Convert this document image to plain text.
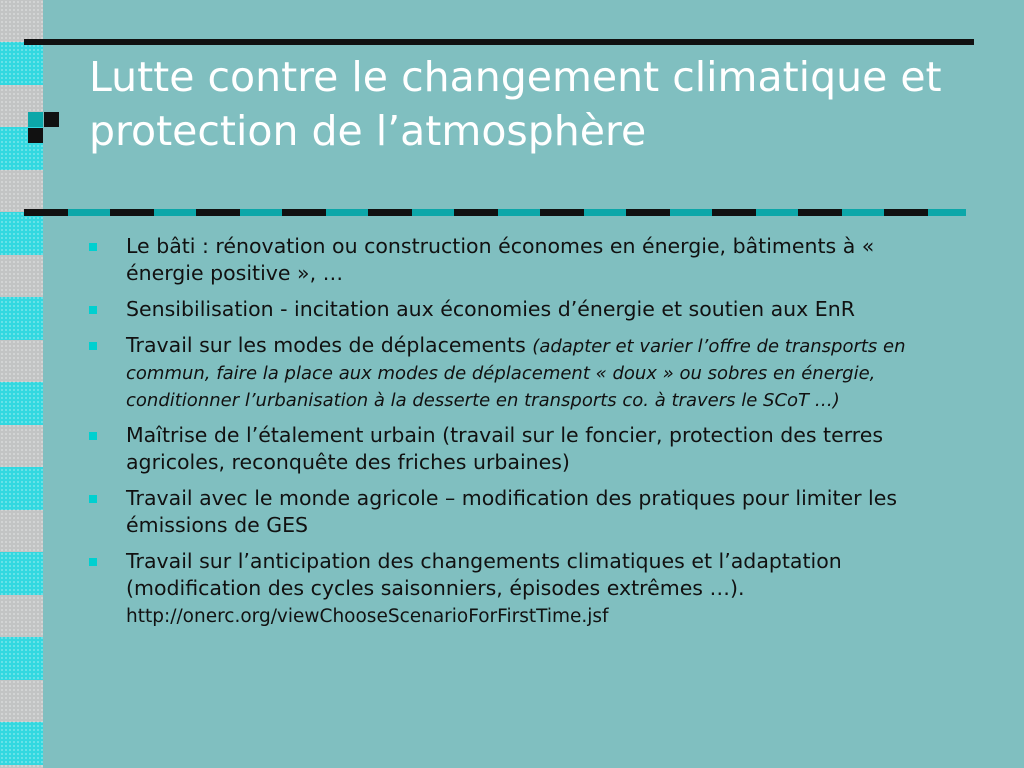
Lutte contre le changement climatique et protection de l’atmosphère
Le bâti : rénovation ou construction économes en énergie, bâtiments à « énergie positive », …
Sensibilisation - incitation aux économies d’énergie et soutien aux EnR
Travail sur les modes de déplacements (adapter et varier l’offre de transports en commun, faire la place aux modes de déplacement « doux » ou sobres en énergie, conditionner l’urbanisation à la desserte en transports co. à travers le SCoT …)
Maîtrise de l’étalement urbain (travail sur le foncier, protection des terres agricoles, reconquête des friches urbaines)
Travail avec le monde agricole – modification des pratiques pour limiter les émissions de GES
Travail sur l’anticipation des changements climatiques et l’adaptation (modification des cycles saisonniers, épisodes extrêmes …). http://onerc.org/viewChooseScenarioForFirstTime.jsf
